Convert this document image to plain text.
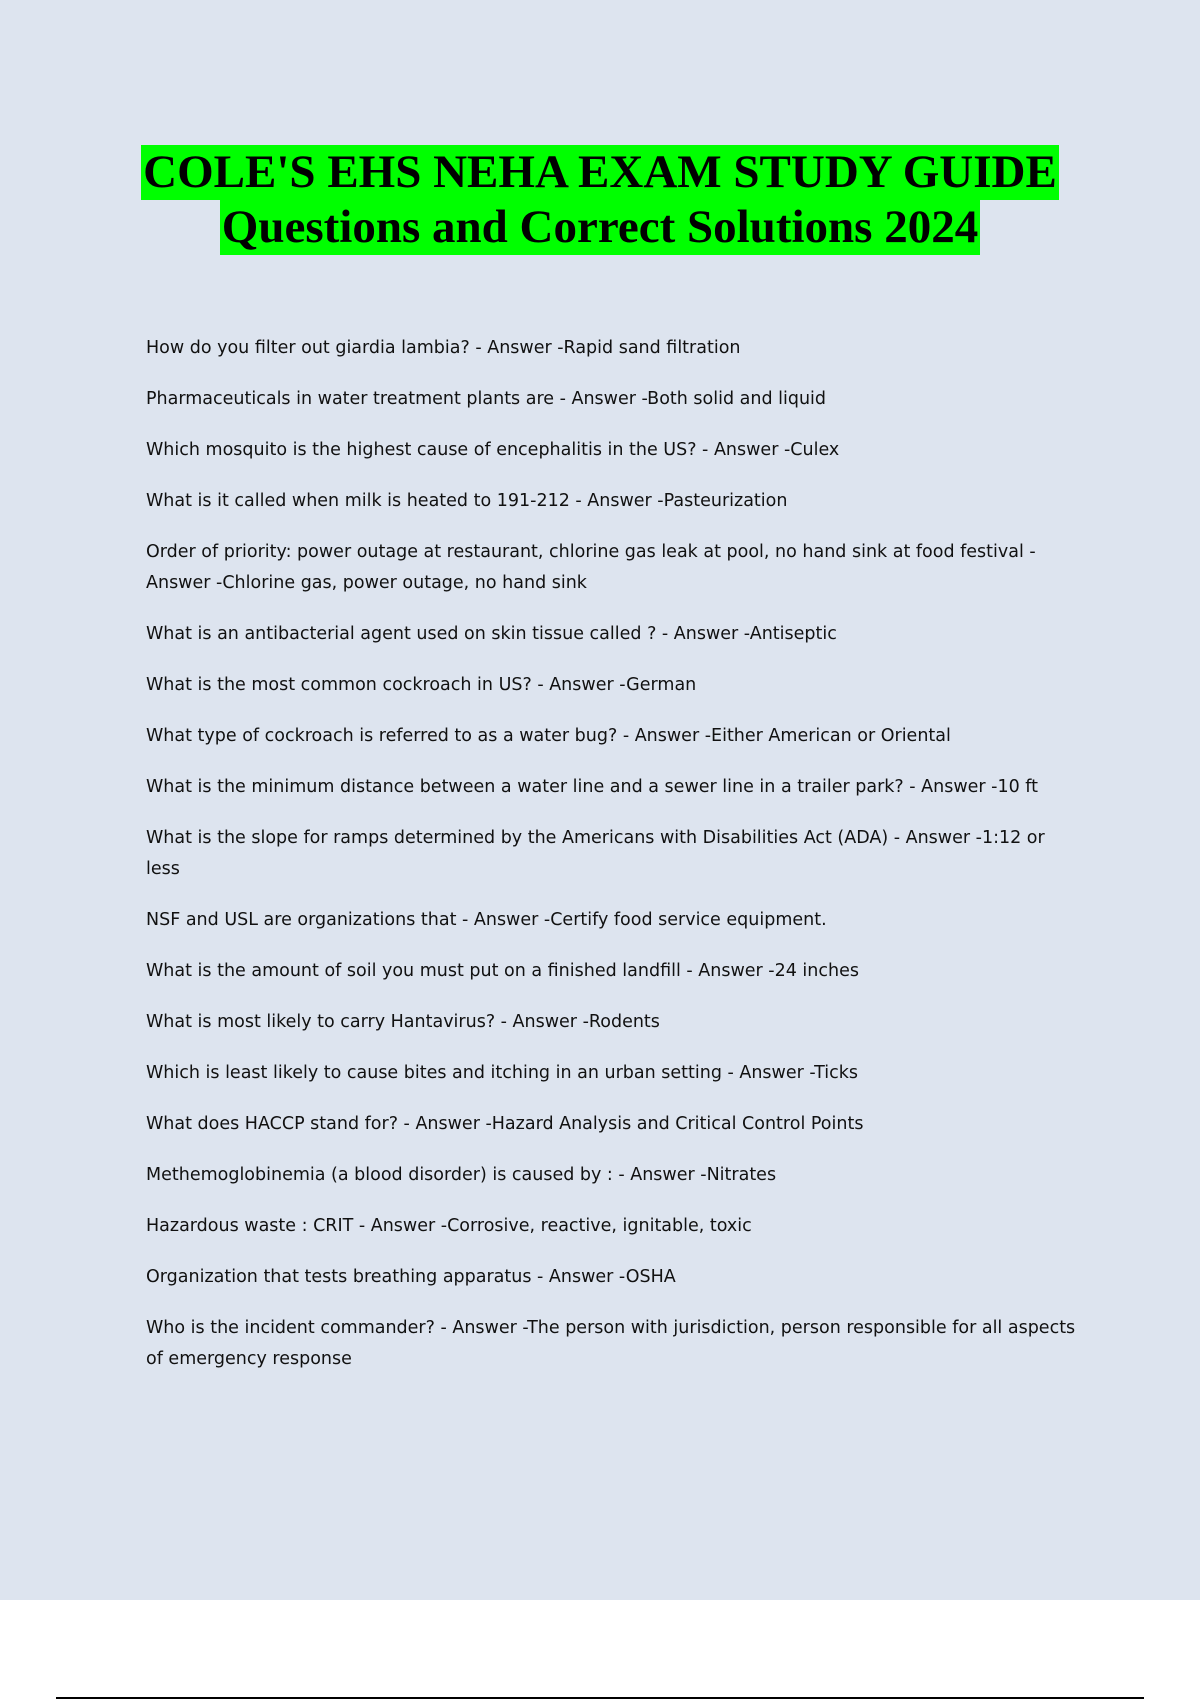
COLE'S EHS NEHA EXAM STUDY GUIDE
Questions and Correct Solutions 2024
How do you filter out giardia lambia? - Answer -Rapid sand filtration
Pharmaceuticals in water treatment plants are - Answer -Both solid and liquid
Which mosquito is the highest cause of encephalitis in the US? - Answer -Culex
What is it called when milk is heated to 191-212 - Answer -Pasteurization
Order of priority: power outage at restaurant, chlorine gas leak at pool, no hand sink at food festival - Answer -Chlorine gas, power outage, no hand sink
What is an antibacterial agent used on skin tissue called ? - Answer -Antiseptic
What is the most common cockroach in US? - Answer -German
What type of cockroach is referred to as a water bug? - Answer -Either American or Oriental
What is the minimum distance between a water line and a sewer line in a trailer park? - Answer -10 ft
What is the slope for ramps determined by the Americans with Disabilities Act (ADA) - Answer -1:12 or less
NSF and USL are organizations that - Answer -Certify food service equipment.
What is the amount of soil you must put on a finished landfill - Answer -24 inches
What is most likely to carry Hantavirus? - Answer -Rodents
Which is least likely to cause bites and itching in an urban setting - Answer -Ticks
What does HACCP stand for? - Answer -Hazard Analysis and Critical Control Points
Methemoglobinemia (a blood disorder) is caused by : - Answer -Nitrates
Hazardous waste : CRIT - Answer -Corrosive, reactive, ignitable, toxic
Organization that tests breathing apparatus - Answer -OSHA
Who is the incident commander? - Answer -The person with jurisdiction, person responsible for all aspects of emergency response
